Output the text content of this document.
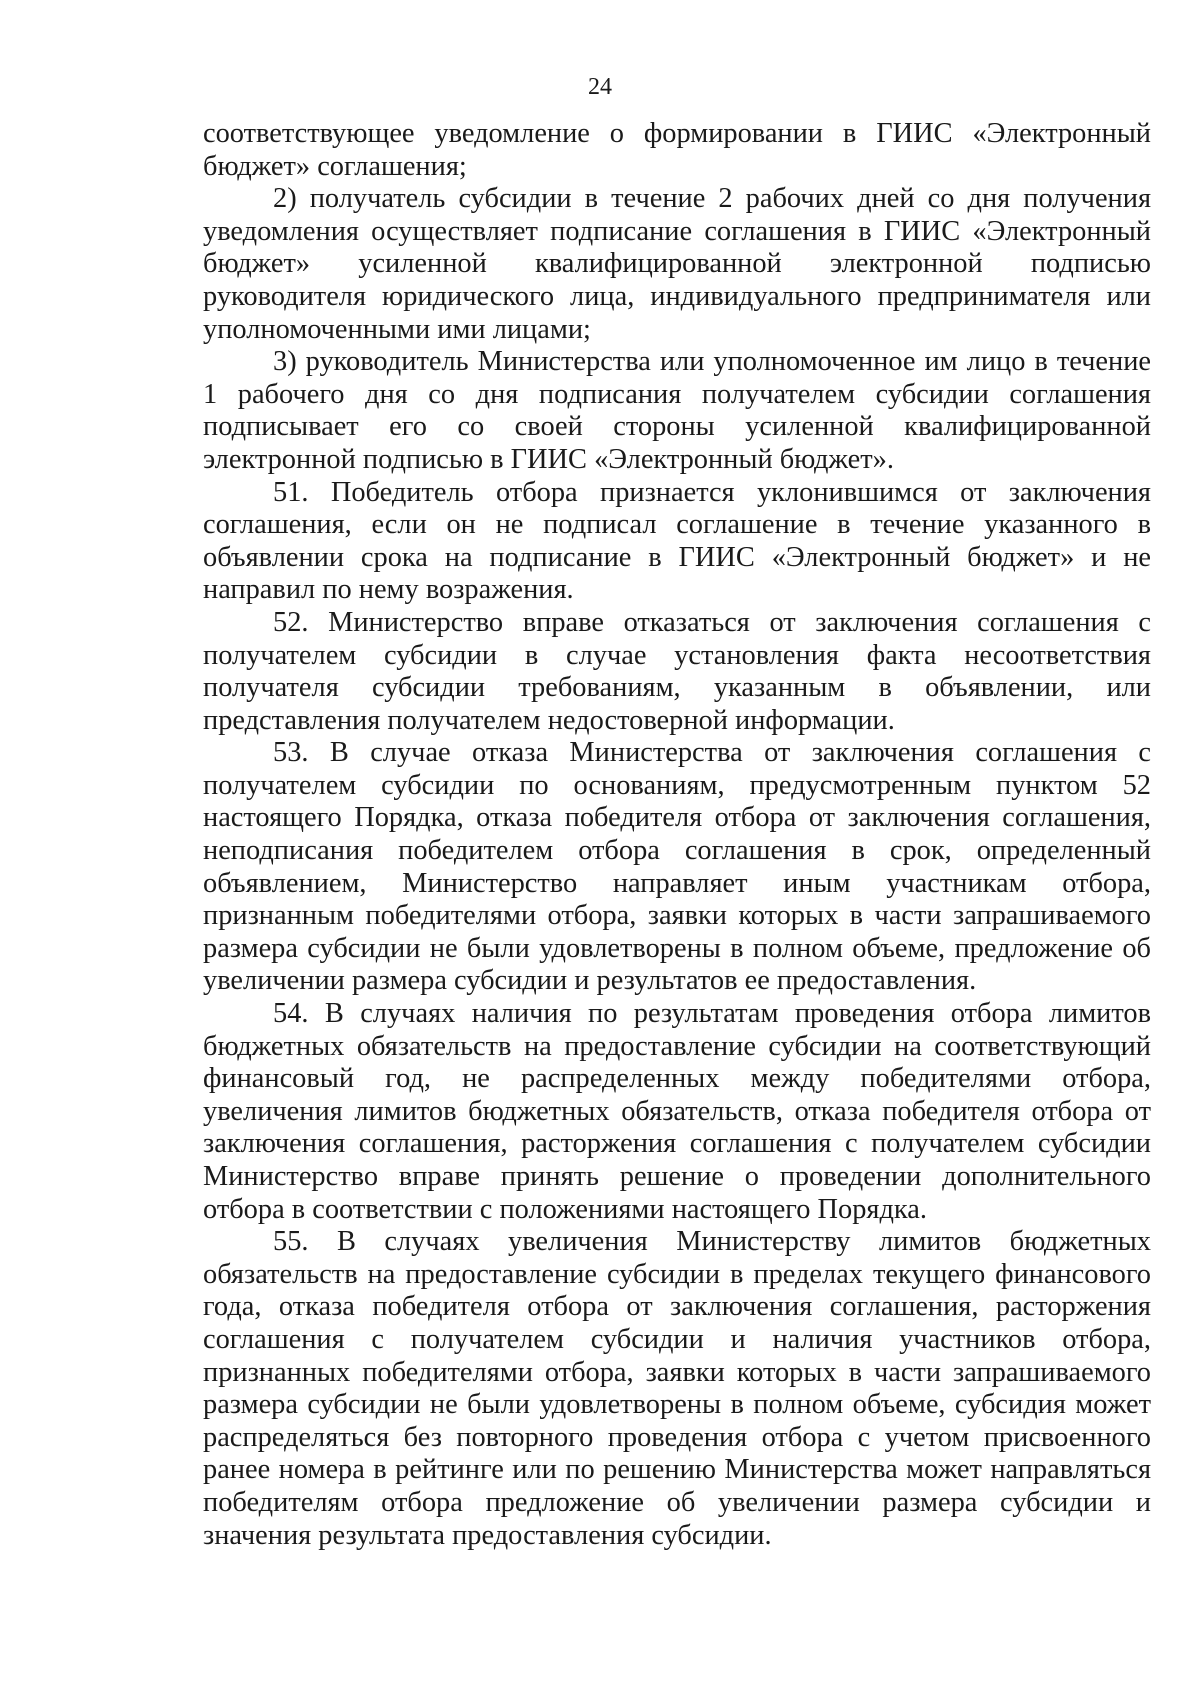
24

соответствующее уведомление о формировании в ГИИС «Электронный бюджет» соглашения;

2) получатель субсидии в течение 2 рабочих дней со дня получения уведомления осуществляет подписание соглашения в ГИИС «Электронный бюджет» усиленной квалифицированной электронной подписью руководителя юридического лица, индивидуального предпринимателя или уполномоченными ими лицами;

3) руководитель Министерства или уполномоченное им лицо в течение 1 рабочего дня со дня подписания получателем субсидии соглашения подписывает его со своей стороны усиленной квалифицированной электронной подписью в ГИИС «Электронный бюджет».

51. Победитель отбора признается уклонившимся от заключения соглашения, если он не подписал соглашение в течение указанного в объявлении срока на подписание в ГИИС «Электронный бюджет» и не направил по нему возражения.

52. Министерство вправе отказаться от заключения соглашения с получателем субсидии в случае установления факта несоответствия получателя субсидии требованиям, указанным в объявлении, или представления получателем недостоверной информации.

53. В случае отказа Министерства от заключения соглашения с получателем субсидии по основаниям, предусмотренным пунктом 52 настоящего Порядка, отказа победителя отбора от заключения соглашения, неподписания победителем отбора соглашения в срок, определенный объявлением, Министерство направляет иным участникам отбора, признанным победителями отбора, заявки которых в части запрашиваемого размера субсидии не были удовлетворены в полном объеме, предложение об увеличении размера субсидии и результатов ее предоставления.

54. В случаях наличия по результатам проведения отбора лимитов бюджетных обязательств на предоставление субсидии на соответствующий финансовый год, не распределенных между победителями отбора, увеличения лимитов бюджетных обязательств, отказа победителя отбора от заключения соглашения, расторжения соглашения с получателем субсидии Министерство вправе принять решение о проведении дополнительного отбора в соответствии с положениями настоящего Порядка.

55. В случаях увеличения Министерству лимитов бюджетных обязательств на предоставление субсидии в пределах текущего финансового года, отказа победителя отбора от заключения соглашения, расторжения соглашения с получателем субсидии и наличия участников отбора, признанных победителями отбора, заявки которых в части запрашиваемого размера субсидии не были удовлетворены в полном объеме, субсидия может распределяться без повторного проведения отбора с учетом присвоенного ранее номера в рейтинге или по решению Министерства может направляться победителям отбора предложение об увеличении размера субсидии и значения результата предоставления субсидии.
